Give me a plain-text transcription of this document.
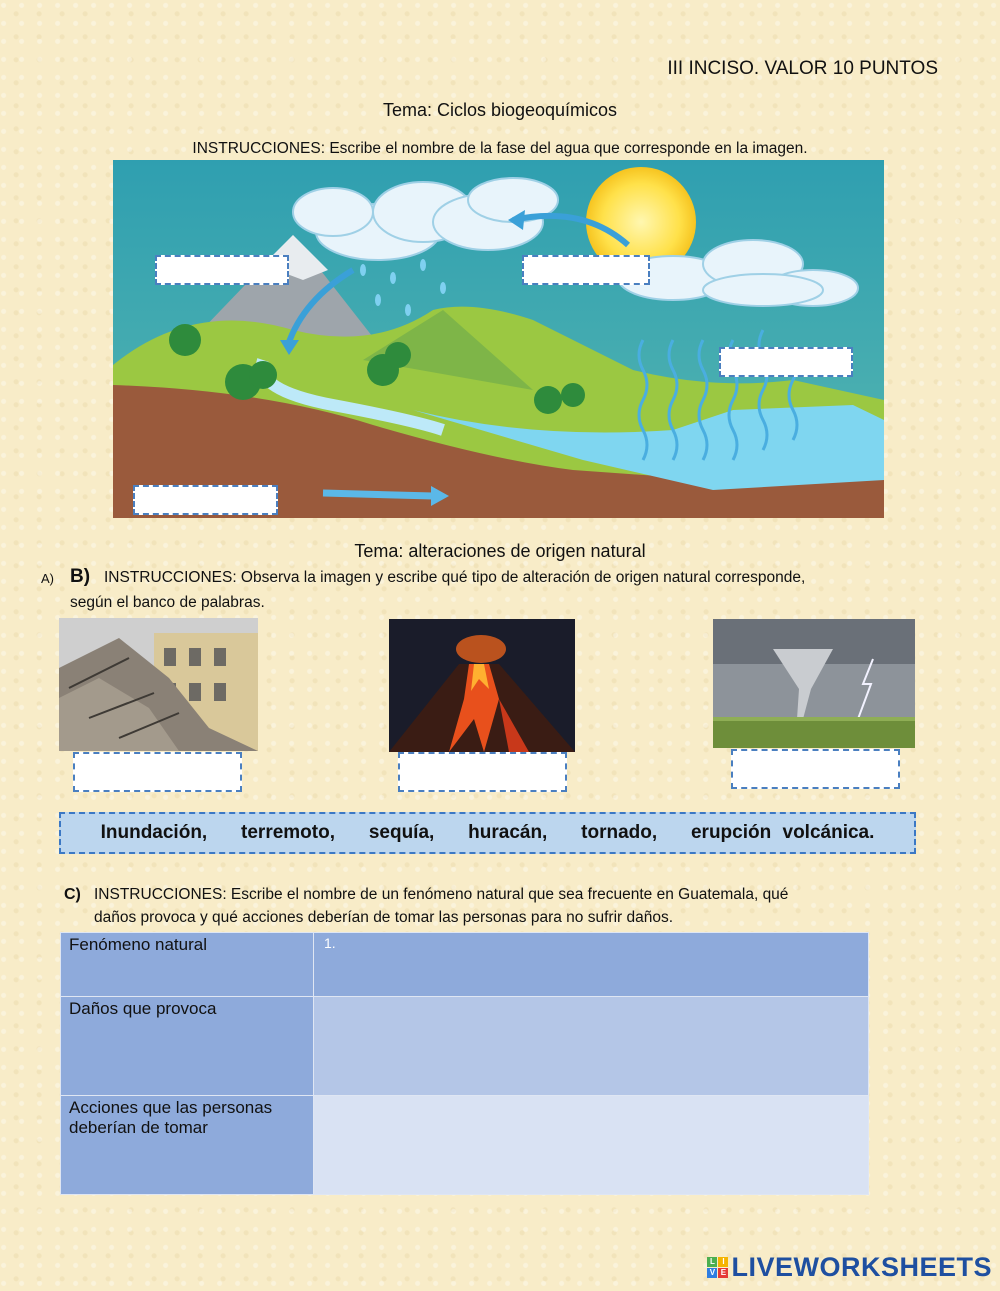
III INCISO. VALOR 10 PUNTOS
Tema: Ciclos biogeoquímicos
INSTRUCCIONES: Escribe el nombre de la fase del agua que corresponde en la imagen.
Tema: alteraciones de origen natural
A) B) INSTRUCCIONES: Observa la imagen y escribe qué tipo de alteración de origen natural corresponde,
según el banco de palabras.
Inundación,   terremoto,   sequía,   huracán,   tornado,   erupción volcánica.
C) INSTRUCCIONES: Escribe el nombre de un fenómeno natural que sea frecuente en Guatemala, qué
daños provoca y qué acciones deberían de tomar las personas para no sufrir daños.
Fenómeno natural	1.
Daños que provoca	
Acciones que las personas deberían de tomar	
L I
V E LIVEWORKSHEETS
